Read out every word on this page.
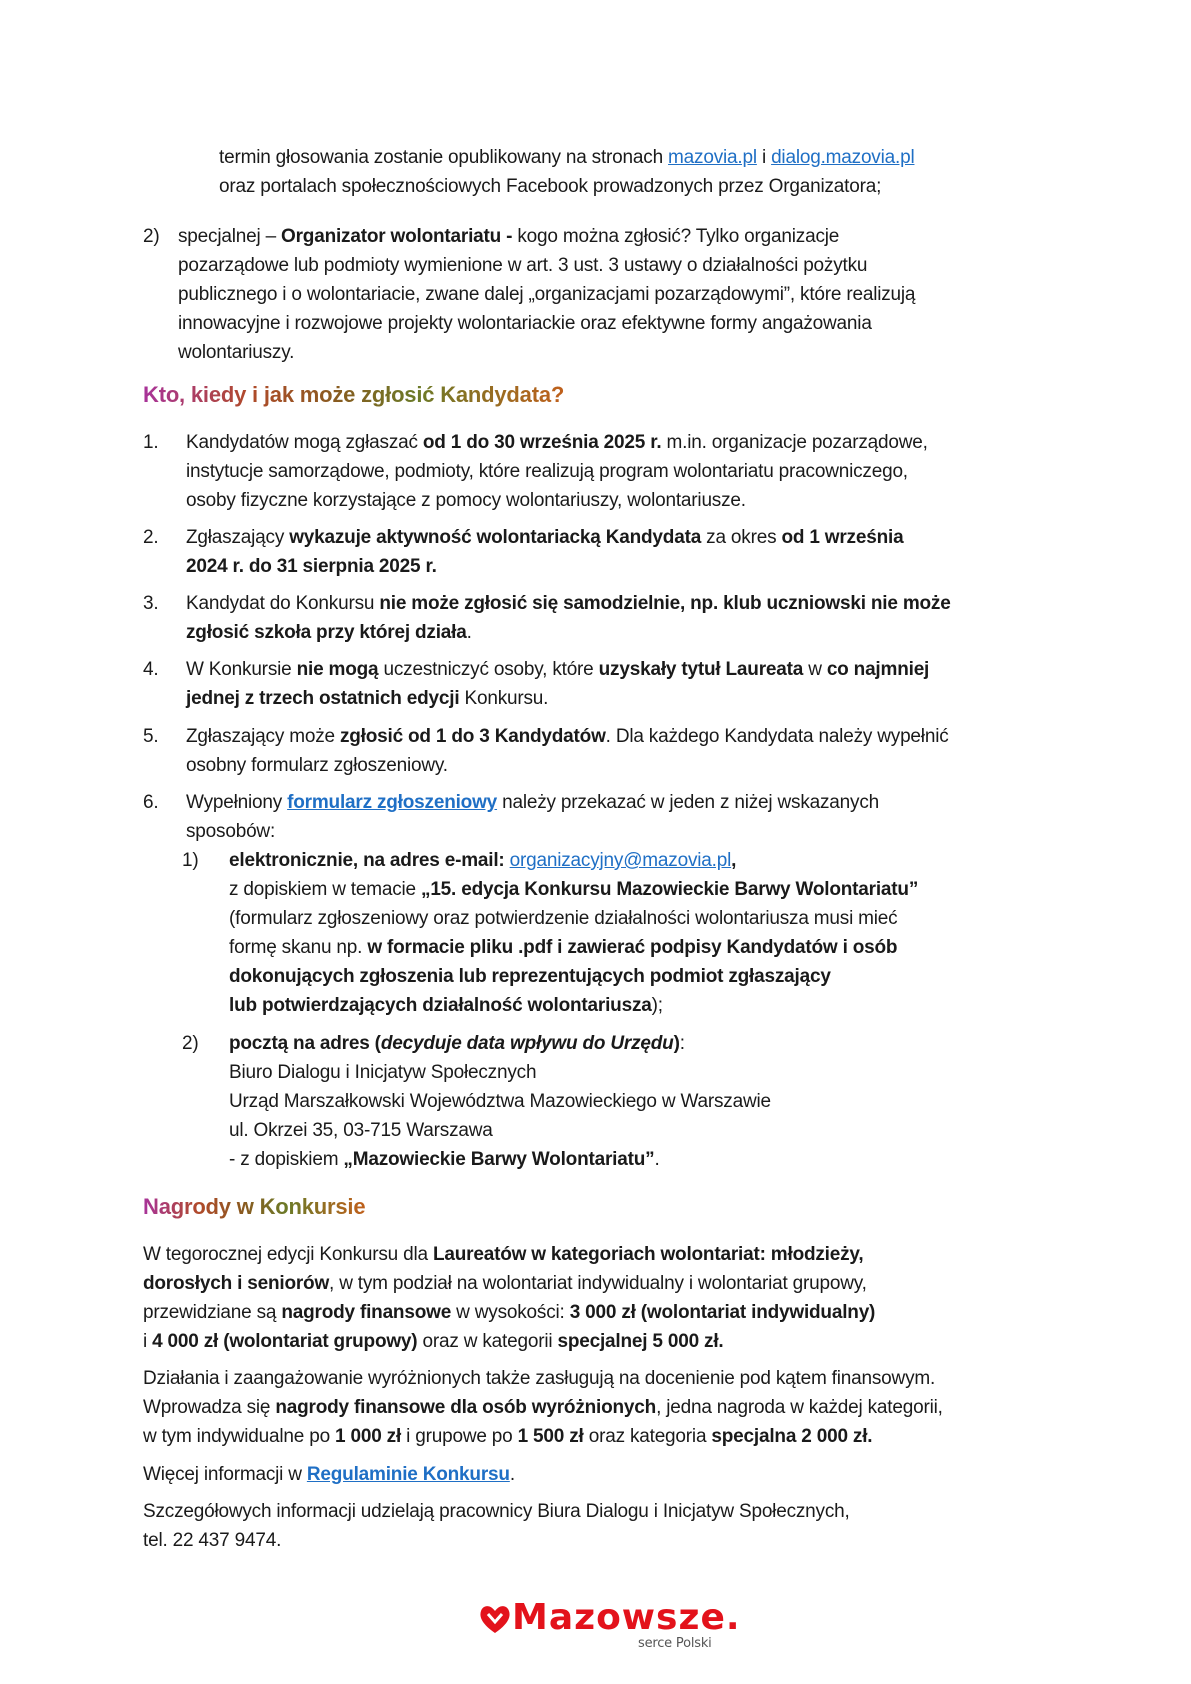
termin głosowania zostanie opublikowany na stronach mazovia.pl i dialog.mazovia.pl
oraz portalach społecznościowych Facebook prowadzonych przez Organizatora;
2) specjalnej – Organizator wolontariatu - kogo można zgłosić? Tylko organizacje
pozarządowe lub podmioty wymienione w art. 3 ust. 3 ustawy o działalności pożytku
publicznego i o wolontariacie, zwane dalej „organizacjami pozarządowymi”, które realizują
innowacyjne i rozwojowe projekty wolontariackie oraz efektywne formy angażowania
wolontariuszy.
Kto, kiedy i jak może zgłosić Kandydata?
1. Kandydatów mogą zgłaszać od 1 do 30 września 2025 r. m.in. organizacje pozarządowe,
instytucje samorządowe, podmioty, które realizują program wolontariatu pracowniczego,
osoby fizyczne korzystające z pomocy wolontariuszy, wolontariusze.
2. Zgłaszający wykazuje aktywność wolontariacką Kandydata za okres od 1 września
2024 r. do 31 sierpnia 2025 r.
3. Kandydat do Konkursu nie może zgłosić się samodzielnie, np. klub uczniowski nie może
zgłosić szkoła przy której działa.
4. W Konkursie nie mogą uczestniczyć osoby, które uzyskały tytuł Laureata w co najmniej
jednej z trzech ostatnich edycji Konkursu.
5. Zgłaszający może zgłosić od 1 do 3 Kandydatów. Dla każdego Kandydata należy wypełnić
osobny formularz zgłoszeniowy.
6. Wypełniony formularz zgłoszeniowy należy przekazać w jeden z niżej wskazanych
sposobów:
1) elektronicznie, na adres e-mail: organizacyjny@mazovia.pl,
z dopiskiem w temacie „15. edycja Konkursu Mazowieckie Barwy Wolontariatu”
(formularz zgłoszeniowy oraz potwierdzenie działalności wolontariusza musi mieć
formę skanu np. w formacie pliku .pdf i zawierać podpisy Kandydatów i osób
dokonujących zgłoszenia lub reprezentujących podmiot zgłaszający
lub potwierdzających działalność wolontariusza);
2) pocztą na adres (decyduje data wpływu do Urzędu):
Biuro Dialogu i Inicjatyw Społecznych
Urząd Marszałkowski Województwa Mazowieckiego w Warszawie
ul. Okrzei 35, 03-715 Warszawa
- z dopiskiem „Mazowieckie Barwy Wolontariatu”.
Nagrody w Konkursie
W tegorocznej edycji Konkursu dla Laureatów w kategoriach wolontariat: młodzieży,
dorosłych i seniorów, w tym podział na wolontariat indywidualny i wolontariat grupowy,
przewidziane są nagrody finansowe w wysokości: 3 000 zł (wolontariat indywidualny)
i 4 000 zł (wolontariat grupowy) oraz w kategorii specjalnej 5 000 zł.
Działania i zaangażowanie wyróżnionych także zasługują na docenienie pod kątem finansowym.
Wprowadza się nagrody finansowe dla osób wyróżnionych, jedna nagroda w każdej kategorii,
w tym indywidualne po 1 000 zł i grupowe po 1 500 zł oraz kategoria specjalna 2 000 zł.
Więcej informacji w Regulaminie Konkursu.
Szczegółowych informacji udzielają pracownicy Biura Dialogu i Inicjatyw Społecznych,
tel. 22 437 9474.
Mazowsze.
serce Polski
